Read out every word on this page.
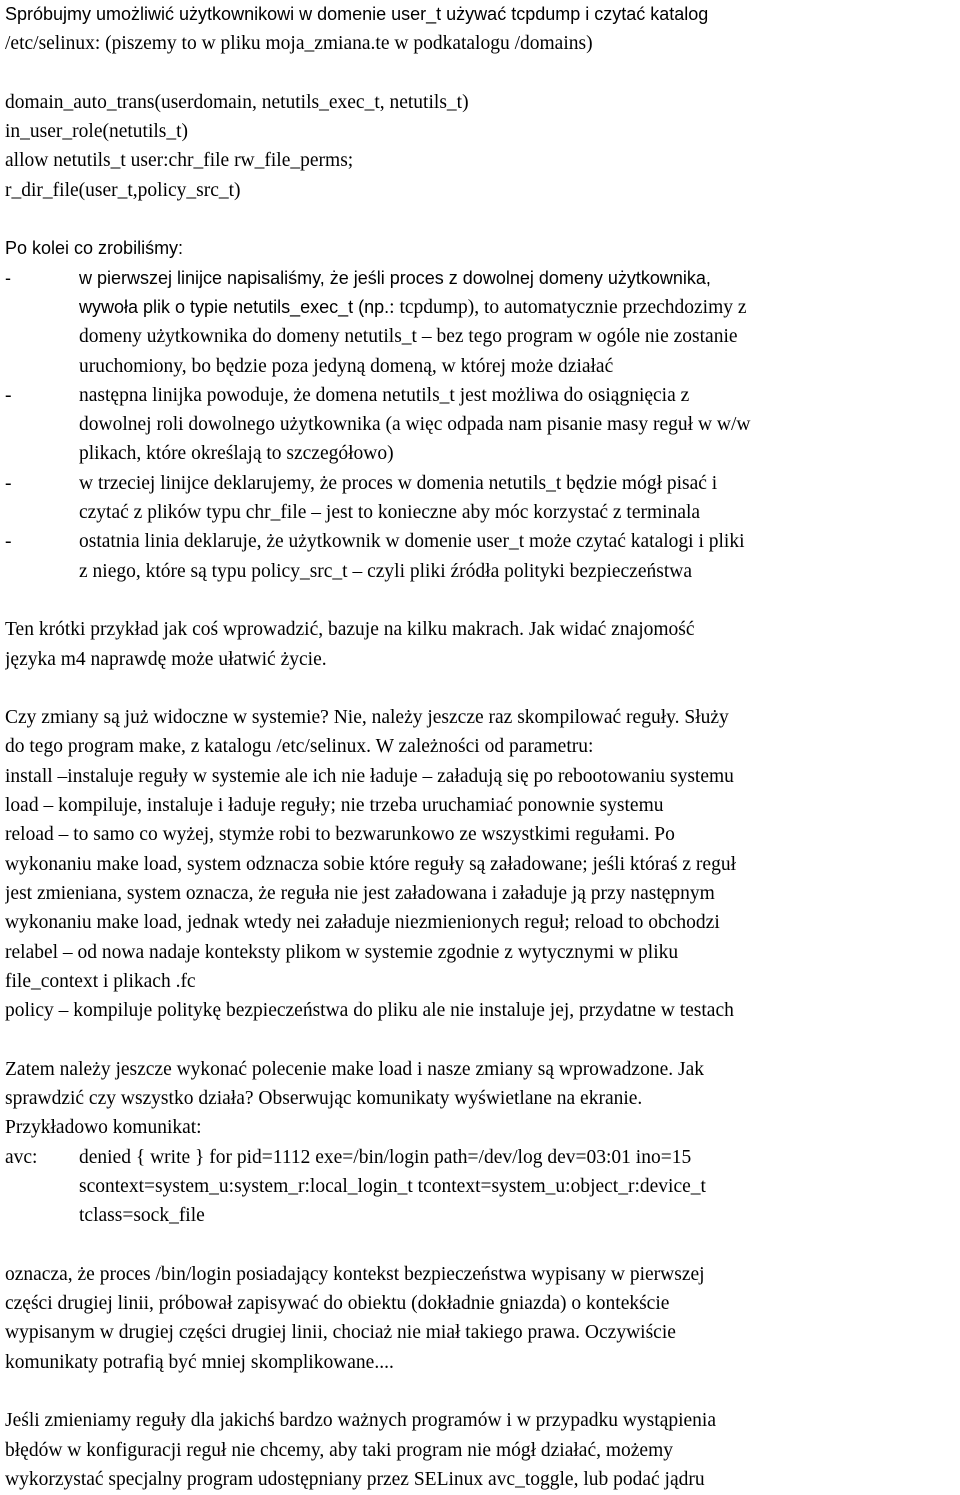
Spróbujmy umożliwić użytkownikowi w domenie user_t używać tcpdump i czytać katalog
/etc/selinux: (piszemy to w pliku moja_zmiana.te w podkatalogu /domains)
domain_auto_trans(userdomain, netutils_exec_t, netutils_t)
in_user_role(netutils_t)
allow netutils_t user:chr_file rw_file_perms;
r_dir_file(user_t,policy_src_t)
Po kolei co zrobiliśmy:
-	w pierwszej linijce napisaliśmy, że jeśli proces z dowolnej domeny użytkownika,
wywoła plik o typie netutils_exec_t (np.: tcpdump), to automatycznie przechdozimy z
domeny użytkownika do domeny netutils_t – bez tego program w ogóle nie zostanie
uruchomiony, bo będzie poza jedyną domeną, w której może działać
-	następna linijka powoduje, że domena netutils_t jest możliwa do osiągnięcia z
dowolnej roli dowolnego użytkownika (a więc odpada nam pisanie masy reguł w w/w
plikach, które określają to szczegółowo)
-	w trzeciej linijce deklarujemy, że proces w domenia netutils_t będzie mógł pisać i
czytać z plików typu chr_file – jest to konieczne aby móc korzystać z terminala
-	ostatnia linia deklaruje, że użytkownik w domenie user_t może czytać katalogi i pliki
z niego, które są typu policy_src_t – czyli pliki źródła polityki bezpieczeństwa
Ten krótki przykład jak coś wprowadzić, bazuje na kilku makrach. Jak widać znajomość
języka m4 naprawdę może ułatwić życie.
Czy zmiany są już widoczne w systemie? Nie, należy jeszcze raz skompilować reguły. Służy
do tego program make, z katalogu /etc/selinux. W zależności od parametru:
install –instaluje reguły w systemie ale ich nie ładuje – załadują się po rebootowaniu systemu
load – kompiluje, instaluje i ładuje reguły; nie trzeba uruchamiać ponownie systemu
reload – to samo co wyżej, stymże robi to bezwarunkowo ze wszystkimi regułami. Po
wykonaniu make load, system odznacza sobie które reguły są załadowane; jeśli któraś z reguł
jest zmieniana, system oznacza, że reguła nie jest załadowana i załaduje ją przy następnym
wykonaniu make load, jednak wtedy nei załaduje niezmienionych reguł; reload to obchodzi
relabel – od nowa nadaje konteksty plikom w systemie zgodnie z wytycznymi w pliku
file_context i plikach .fc
policy – kompiluje politykę bezpieczeństwa do pliku ale nie instaluje jej, przydatne w testach
Zatem należy jeszcze wykonać polecenie make load i nasze zmiany są wprowadzone. Jak
sprawdzić czy wszystko działa? Obserwując komunikaty wyświetlane na ekranie.
Przykładowo komunikat:
avc:	denied { write } for pid=1112 exe=/bin/login path=/dev/log dev=03:01 ino=15
scontext=system_u:system_r:local_login_t tcontext=system_u:object_r:device_t
tclass=sock_file
oznacza, że proces /bin/login posiadający kontekst bezpieczeństwa wypisany w pierwszej
części drugiej linii, próbował zapisywać do obiektu (dokładnie gniazda) o kontekście
wypisanym w drugiej części drugiej linii, chociaż nie miał takiego prawa. Oczywiście
komunikaty potrafią być mniej skomplikowane....
Jeśli zmieniamy reguły dla jakichś bardzo ważnych programów i w przypadku wystąpienia
błędów w konfiguracji reguł nie chcemy, aby taki program nie mógł działać, możemy
wykorzystać specjalny program udostępniany przez SELinux avc_toggle, lub podać jądru
